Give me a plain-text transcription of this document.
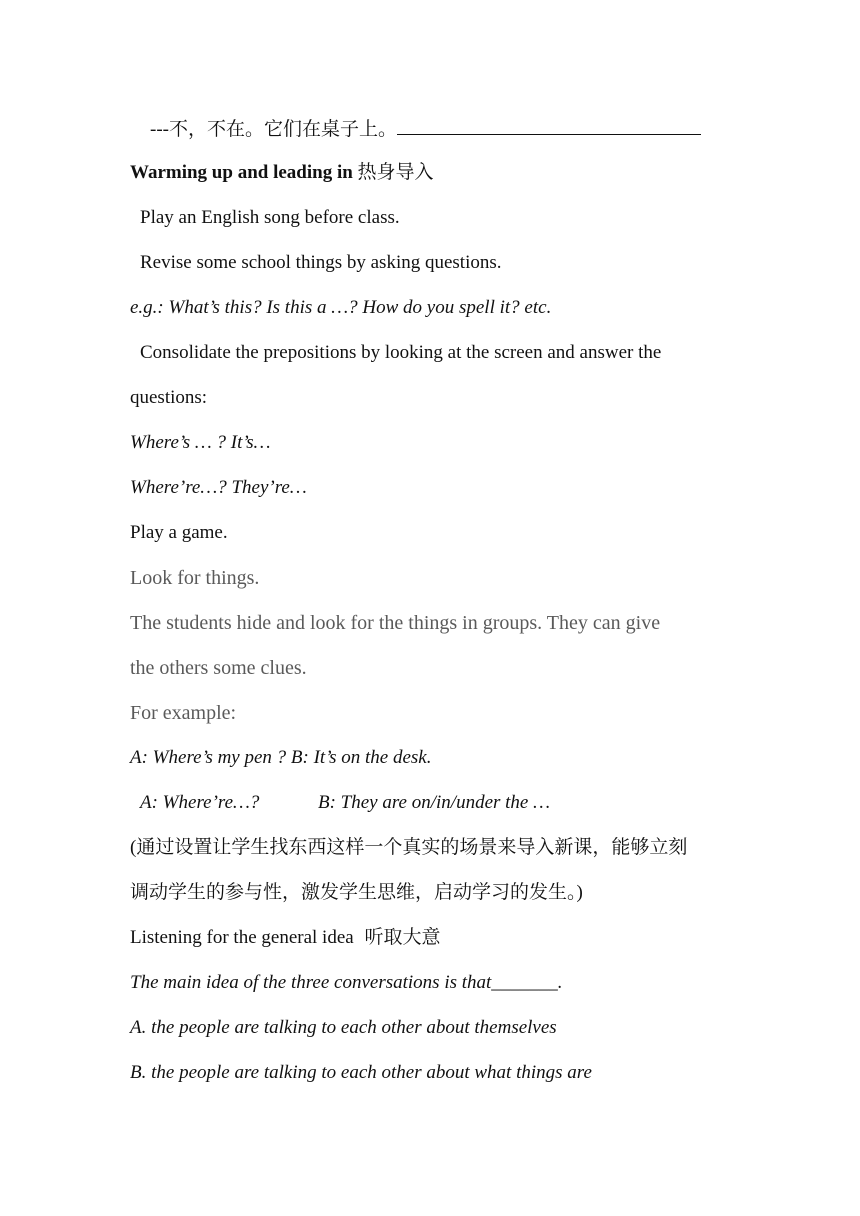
---不，不在。它们在桌子上。
Warming up and leading in 热身导入
Play an English song before class.
Revise some school things by asking questions.
e.g.: What’s this? Is this a …? How do you spell it? etc.
Consolidate the prepositions by looking at the screen and answer the
questions:
Where’s … ? It’s…
Where’re…? They’re…
Play a game.
Look for things.
The students hide and look for the things in groups. They can give
the others some clues.
For example:
A: Where’s my pen ? B: It’s on the desk.
A: Where’re…?	B: They are on/in/under the …
(通过设置让学生找东西这样一个真实的场景来导入新课，能够立刻
调动学生的参与性，激发学生思维，启动学习的发生。)
Listening for the general idea 听取大意
The main idea of the three conversations is that_______.
A. the people are talking to each other about themselves
B. the people are talking to each other about what things are
